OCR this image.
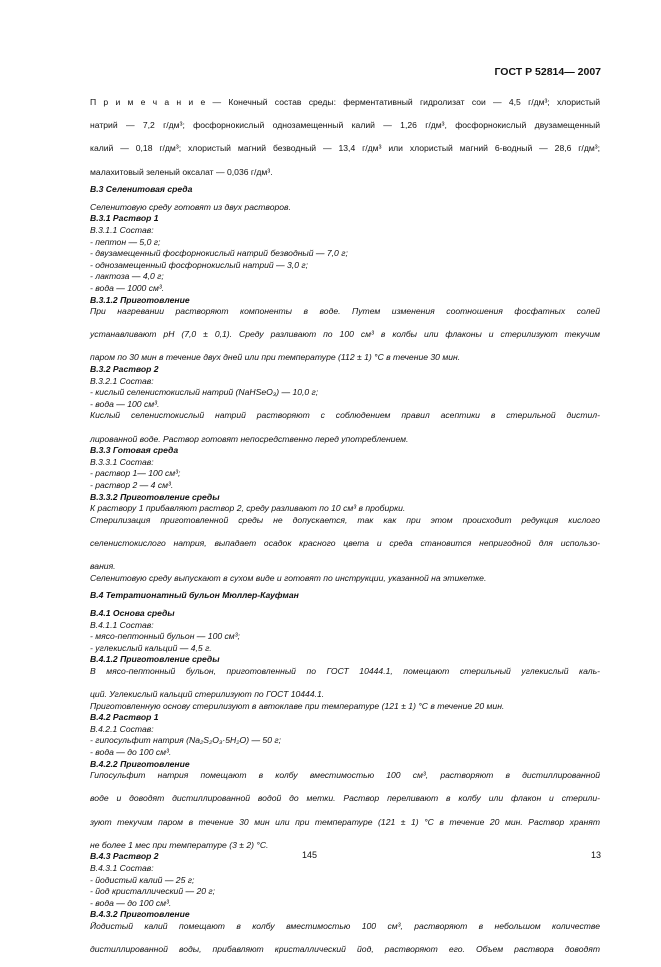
ГОСТ Р 52814— 2007
П р и м е ч а н и е — Конечный состав среды: ферментативный гидролизат сои — 4,5 г/дм³; хлористый
натрий — 7,2 г/дм³; фосфорнокислый однозамещенный калий — 1,26 г/дм³, фосфорнокислый двузамещенный
калий — 0,18 г/дм³; хлористый магний безводный — 13,4 г/дм³ или хлористый магний 6-водный — 28,6 г/дм³;
малахитовый зеленый оксалат — 0,036 г/дм³.
B.3 Селенитовая среда
Селенитовую среду готовят из двух растворов.
B.3.1 Раствор 1
B.3.1.1 Состав:
- пептон — 5,0 г;
- двузамещенный фосфорнокислый натрий безводный — 7,0 г;
- однозамещенный фосфорнокислый натрий — 3,0 г;
- лактоза — 4,0 г;
- вода — 1000 см³.
B.3.1.2 Приготовление
При нагревании растворяют компоненты в воде. Путем изменения соотношения фосфатных солей
устанавливают pH (7,0 ± 0,1). Среду разливают по 100 см³ в колбы или флаконы и стерилизуют текучим
паром по 30 мин в течение двух дней или при температуре (112 ± 1) °С в течение 30 мин.
B.3.2 Раствор 2
B.3.2.1 Состав:
- кислый селенистокислый натрий (NaHSeO₃) — 10,0 г;
- вода — 100 см³.
Кислый селенистокислый натрий растворяют с соблюдением правил асептики в стерильной дистил-
лированной воде. Раствор готовят непосредственно перед употреблением.
B.3.3 Готовая среда
B.3.3.1 Состав:
- раствор 1— 100 см³;
- раствор 2 — 4 см³.
B.3.3.2 Приготовление среды
К раствору 1 прибавляют раствор 2, среду разливают по 10 см³ в пробирки.
Стерилизация приготовленной среды не допускается, так как при этом происходит редукция кислого
селенистокислого натрия, выпадает осадок красного цвета и среда становится непригодной для использо-
вания.
Селенитовую среду выпускают в сухом виде и готовят по инструкции, указанной на этикетке.
B.4 Тетратионатный бульон Мюллер-Кауфман
B.4.1 Основа среды
B.4.1.1 Состав:
- мясо-пептонный бульон — 100 см³;
- углекислый кальций — 4,5 г.
B.4.1.2 Приготовление среды
В мясо-пептонный бульон, приготовленный по ГОСТ 10444.1, помещают стерильный углекислый каль-
ций. Углекислый кальций стерилизуют по ГОСТ 10444.1.
Приготовленную основу стерилизуют в автоклаве при температуре (121 ± 1) °С в течение 20 мин.
B.4.2 Раствор 1
B.4.2.1 Состав:
- гипосульфит натрия (Na₂S₂O₃·5H₂O) — 50 г;
- вода — до 100 см³.
B.4.2.2 Приготовление
Гипосульфит натрия помещают в колбу вместимостью 100 см³, растворяют в дистиллированной
воде и доводят дистиллированной водой до метки. Раствор переливают в колбу или флакон и стерили-
зуют текучим паром в течение 30 мин или при температуре (121 ± 1) °С в течение 20 мин. Раствор хранят
не более 1 мес при температуре (3 ± 2) °С.
B.4.3 Раствор 2
B.4.3.1 Состав:
- йодистый калий — 25 г;
- йод кристаллический — 20 г;
- вода — до 100 см³.
B.4.3.2 Приготовление
Йодистый калий помещают в колбу вместимостью 100 см³, растворяют в небольшом количестве
дистиллированной воды, прибавляют кристаллический йод, растворяют его. Объем раствора доводят
145	13
